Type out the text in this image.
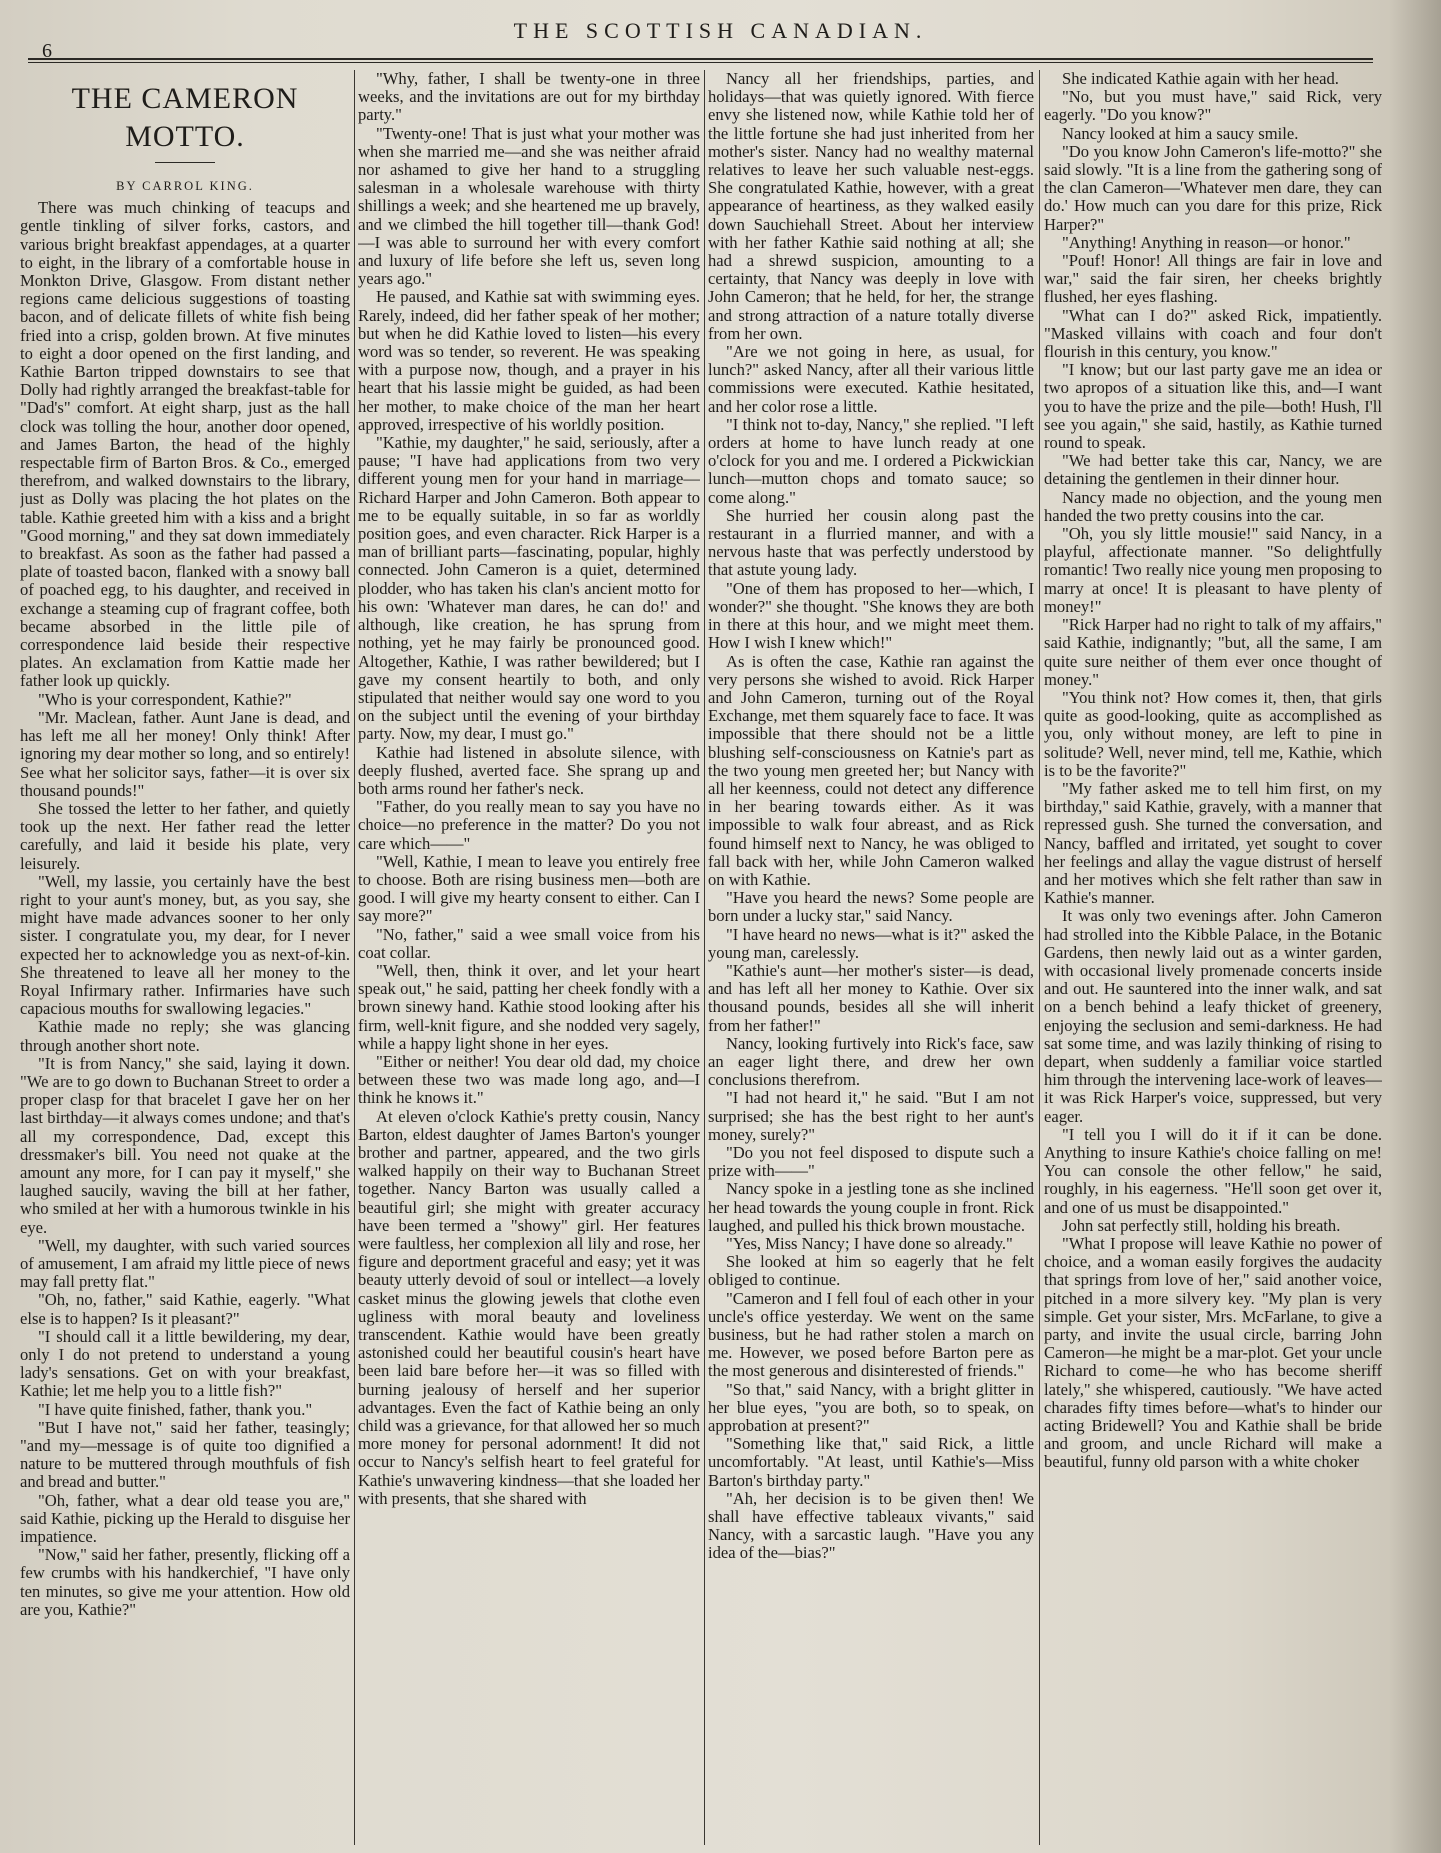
6
THE SCOTTISH CANADIAN.
THE CAMERON MOTTO.
BY CARROL KING.

There was much chinking of teacups and gentle tinkling of silver forks, castors, and various bright breakfast appendages, at a quarter to eight, in the library of a comfortable house in Monkton Drive, Glasgow. From distant nether regions came delicious suggestions of toasting bacon, and of delicate fillets of white fish being fried into a crisp, golden brown. At five minutes to eight a door opened on the first landing, and Kathie Barton tripped downstairs to see that Dolly had rightly arranged the breakfast-table for "Dad's" comfort. At eight sharp, just as the hall clock was tolling the hour, another door opened, and James Barton, the head of the highly respectable firm of Barton Bros. & Co., emerged therefrom, and walked downstairs to the library, just as Dolly was placing the hot plates on the table. Kathie greeted him with a kiss and a bright "Good morning," and they sat down immediately to breakfast. As soon as the father had passed a plate of toasted bacon, flanked with a snowy ball of poached egg, to his daughter, and received in exchange a steaming cup of fragrant coffee, both became absorbed in the little pile of correspondence laid beside their respective plates. An exclamation from Kattie made her father look up quickly.

"Who is your correspondent, Kathie?"

"Mr. Maclean, father. Aunt Jane is dead, and has left me all her money! Only think! After ignoring my dear mother so long, and so entirely! See what her solicitor says, father—it is over six thousand pounds!"

She tossed the letter to her father, and quietly took up the next. Her father read the letter carefully, and laid it beside his plate, very leisurely.

"Well, my lassie, you certainly have the best right to your aunt's money, but, as you say, she might have made advances sooner to her only sister. I congratulate you, my dear, for I never expected her to acknowledge you as next-of-kin. She threatened to leave all her money to the Royal Infirmary rather. Infirmaries have such capacious mouths for swallowing legacies."

Kathie made no reply; she was glancing through another short note.

"It is from Nancy," she said, laying it down. "We are to go down to Buchanan Street to order a proper clasp for that bracelet I gave her on her last birthday—it always comes undone; and that's all my correspondence, Dad, except this dressmaker's bill. You need not quake at the amount any more, for I can pay it myself," she laughed saucily, waving the bill at her father, who smiled at her with a humorous twinkle in his eye.

"Well, my daughter, with such varied sources of amusement, I am afraid my little piece of news may fall pretty flat."

"Oh, no, father," said Kathie, eagerly. "What else is to happen? Is it pleasant?"

"I should call it a little bewildering, my dear, only I do not pretend to understand a young lady's sensations. Get on with your breakfast, Kathie; let me help you to a little fish?"

"I have quite finished, father, thank you."

"But I have not," said her father, teasingly; "and my—message is of quite too dignified a nature to be muttered through mouthfuls of fish and bread and butter."

"Oh, father, what a dear old tease you are," said Kathie, picking up the Herald to disguise her impatience.

"Now," said her father, presently, flicking off a few crumbs with his handkerchief, "I have only ten minutes, so give me your attention. How old are you, Kathie?"

"Why, father, I shall be twenty-one in three weeks, and the invitations are out for my birthday party."

"Twenty-one! That is just what your mother was when she married me—and she was neither afraid nor ashamed to give her hand to a struggling salesman in a wholesale warehouse with thirty shillings a week; and she heartened me up bravely, and we climbed the hill together till—thank God!—I was able to surround her with every comfort and luxury of life before she left us, seven long years ago."

He paused, and Kathie sat with swimming eyes. Rarely, indeed, did her father speak of her mother; but when he did Kathie loved to listen—his every word was so tender, so reverent. He was speaking with a purpose now, though, and a prayer in his heart that his lassie might be guided, as had been her mother, to make choice of the man her heart approved, irrespective of his worldly position.

"Kathie, my daughter," he said, seriously, after a pause; "I have had applications from two very different young men for your hand in marriage—Richard Harper and John Cameron. Both appear to me to be equally suitable, in so far as worldly position goes, and even character. Rick Harper is a man of brilliant parts—fascinating, popular, highly connected. John Cameron is a quiet, determined plodder, who has taken his clan's ancient motto for his own: 'Whatever man dares, he can do!' and although, like creation, he has sprung from nothing, yet he may fairly be pronounced good. Altogether, Kathie, I was rather bewildered; but I gave my consent heartily to both, and only stipulated that neither would say one word to you on the subject until the evening of your birthday party. Now, my dear, I must go."

Kathie had listened in absolute silence, with deeply flushed, averted face. She sprang up and both arms round her father's neck.

"Father, do you really mean to say you have no choice—no preference in the matter? Do you not care which——"

"Well, Kathie, I mean to leave you entirely free to choose. Both are rising business men—both are good. I will give my hearty consent to either. Can I say more?"

"No, father," said a wee small voice from his coat collar.

"Well, then, think it over, and let your heart speak out," he said, patting her cheek fondly with a brown sinewy hand. Kathie stood looking after his firm, well-knit figure, and she nodded very sagely, while a happy light shone in her eyes.

"Either or neither! You dear old dad, my choice between these two was made long ago, and—I think he knows it."

At eleven o'clock Kathie's pretty cousin, Nancy Barton, eldest daughter of James Barton's younger brother and partner, appeared, and the two girls walked happily on their way to Buchanan Street together. Nancy Barton was usually called a beautiful girl; she might with greater accuracy have been termed a "showy" girl. Her features were faultless, her complexion all lily and rose, her figure and deportment graceful and easy; yet it was beauty utterly devoid of soul or intellect—a lovely casket minus the glowing jewels that clothe even ugliness with moral beauty and loveliness transcendent. Kathie would have been greatly astonished could her beautiful cousin's heart have been laid bare before her—it was so filled with burning jealousy of herself and her superior advantages. Even the fact of Kathie being an only child was a grievance, for that allowed her so much more money for personal adornment! It did not occur to Nancy's selfish heart to feel grateful for Kathie's unwavering kindness—that she loaded her with presents, that she shared with

Nancy all her friendships, parties, and holidays—that was quietly ignored. With fierce envy she listened now, while Kathie told her of the little fortune she had just inherited from her mother's sister. Nancy had no wealthy maternal relatives to leave her such valuable nest-eggs. She congratulated Kathie, however, with a great appearance of heartiness, as they walked easily down Sauchiehall Street. About her interview with her father Kathie said nothing at all; she had a shrewd suspicion, amounting to a certainty, that Nancy was deeply in love with John Cameron; that he held, for her, the strange and strong attraction of a nature totally diverse from her own.

"Are we not going in here, as usual, for lunch?" asked Nancy, after all their various little commissions were executed. Kathie hesitated, and her color rose a little.

"I think not to-day, Nancy," she replied. "I left orders at home to have lunch ready at one o'clock for you and me. I ordered a Pickwickian lunch—mutton chops and tomato sauce; so come along."

She hurried her cousin along past the restaurant in a flurried manner, and with a nervous haste that was perfectly understood by that astute young lady.

"One of them has proposed to her—which, I wonder?" she thought. "She knows they are both in there at this hour, and we might meet them. How I wish I knew which!"

As is often the case, Kathie ran against the very persons she wished to avoid. Rick Harper and John Cameron, turning out of the Royal Exchange, met them squarely face to face. It was impossible that there should not be a little blushing self-consciousness on Katnie's part as the two young men greeted her; but Nancy with all her keenness, could not detect any difference in her bearing towards either. As it was impossible to walk four abreast, and as Rick found himself next to Nancy, he was obliged to fall back with her, while John Cameron walked on with Kathie.

"Have you heard the news? Some people are born under a lucky star," said Nancy.

"I have heard no news—what is it?" asked the young man, carelessly.

"Kathie's aunt—her mother's sister—is dead, and has left all her money to Kathie. Over six thousand pounds, besides all she will inherit from her father!"

Nancy, looking furtively into Rick's face, saw an eager light there, and drew her own conclusions therefrom.

"I had not heard it," he said. "But I am not surprised; she has the best right to her aunt's money, surely?"

"Do you not feel disposed to dispute such a prize with——"

Nancy spoke in a jestling tone as she inclined her head towards the young couple in front. Rick laughed, and pulled his thick brown moustache.

"Yes, Miss Nancy; I have done so already."

She looked at him so eagerly that he felt obliged to continue.

"Cameron and I fell foul of each other in your uncle's office yesterday. We went on the same business, but he had rather stolen a march on me. However, we posed before Barton pere as the most generous and disinterested of friends."

"So that," said Nancy, with a bright glitter in her blue eyes, "you are both, so to speak, on approbation at present?"

"Something like that," said Rick, a little uncomfortably. "At least, until Kathie's—Miss Barton's birthday party."

"Ah, her decision is to be given then! We shall have effective tableaux vivants," said Nancy, with a sarcastic laugh. "Have you any idea of the—bias?"

She indicated Kathie again with her head.

"No, but you must have," said Rick, very eagerly. "Do you know?"

Nancy looked at him a saucy smile.

"Do you know John Cameron's life-motto?" she said slowly. "It is a line from the gathering song of the clan Cameron—'Whatever men dare, they can do.' How much can you dare for this prize, Rick Harper?"

"Anything! Anything in reason—or honor."

"Pouf! Honor! All things are fair in love and war," said the fair siren, her cheeks brightly flushed, her eyes flashing.

"What can I do?" asked Rick, impatiently. "Masked villains with coach and four don't flourish in this century, you know."

"I know; but our last party gave me an idea or two apropos of a situation like this, and—I want you to have the prize and the pile—both! Hush, I'll see you again," she said, hastily, as Kathie turned round to speak.

"We had better take this car, Nancy, we are detaining the gentlemen in their dinner hour.

Nancy made no objection, and the young men handed the two pretty cousins into the car.

"Oh, you sly little mousie!" said Nancy, in a playful, affectionate manner. "So delightfully romantic! Two really nice young men proposing to marry at once! It is pleasant to have plenty of money!"

"Rick Harper had no right to talk of my affairs," said Kathie, indignantly; "but, all the same, I am quite sure neither of them ever once thought of money."

"You think not? How comes it, then, that girls quite as good-looking, quite as accomplished as you, only without money, are left to pine in solitude? Well, never mind, tell me, Kathie, which is to be the favorite?"

"My father asked me to tell him first, on my birthday," said Kathie, gravely, with a manner that repressed gush. She turned the conversation, and Nancy, baffled and irritated, yet sought to cover her feelings and allay the vague distrust of herself and her motives which she felt rather than saw in Kathie's manner.

It was only two evenings after. John Cameron had strolled into the Kibble Palace, in the Botanic Gardens, then newly laid out as a winter garden, with occasional lively promenade concerts inside and out. He sauntered into the inner walk, and sat on a bench behind a leafy thicket of greenery, enjoying the seclusion and semi-darkness. He had sat some time, and was lazily thinking of rising to depart, when suddenly a familiar voice startled him through the intervening lace-work of leaves—it was Rick Harper's voice, suppressed, but very eager.

"I tell you I will do it if it can be done. Anything to insure Kathie's choice falling on me! You can console the other fellow," he said, roughly, in his eagerness. "He'll soon get over it, and one of us must be disappointed."

John sat perfectly still, holding his breath.

"What I propose will leave Kathie no power of choice, and a woman easily forgives the audacity that springs from love of her," said another voice, pitched in a more silvery key. "My plan is very simple. Get your sister, Mrs. McFarlane, to give a party, and invite the usual circle, barring John Cameron—he might be a mar-plot. Get your uncle Richard to come—he who has become sheriff lately," she whispered, cautiously. "We have acted charades fifty times before—what's to hinder our acting Bridewell? You and Kathie shall be bride and groom, and uncle Richard will make a beautiful, funny old parson with a white choker
